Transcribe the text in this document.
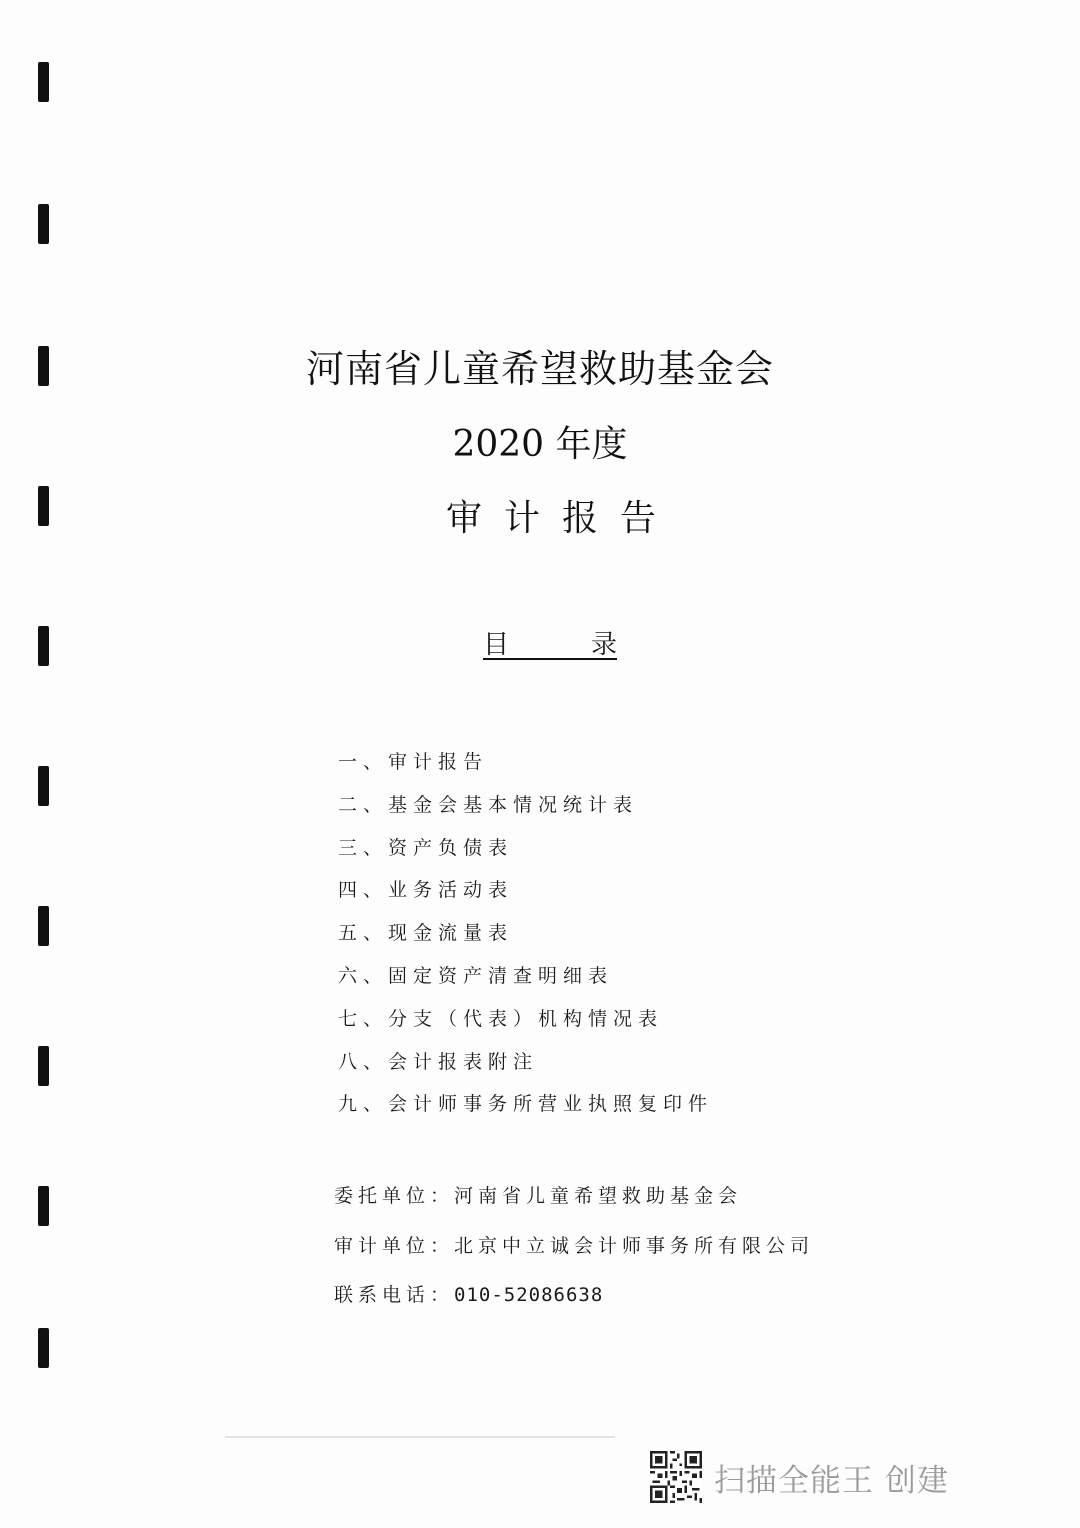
河南省儿童希望救助基金会
2020 年度
审计报告
目	录
一、审计报告
二、基金会基本情况统计表
三、资产负债表
四、业务活动表
五、现金流量表
六、固定资产清查明细表
七、分支（代表）机构情况表
八、会计报表附注
九、会计师事务所营业执照复印件
委托单位：河南省儿童希望救助基金会
审计单位：北京中立诚会计师事务所有限公司
联系电话：010-52086638
扫描全能王 创建
